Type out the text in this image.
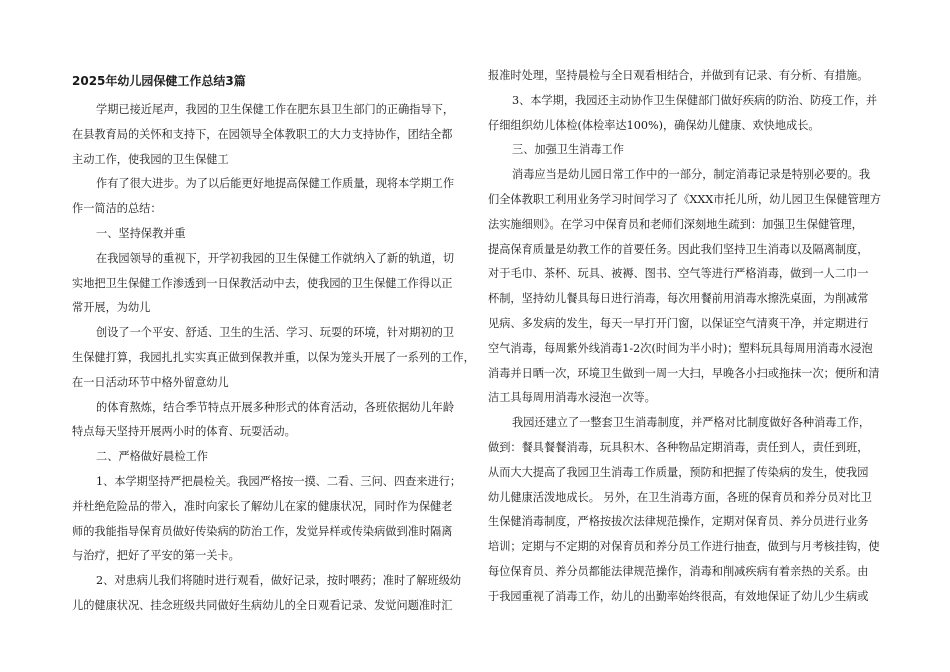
2025年幼儿园保健工作总结3篇
学期已接近尾声，我园的卫生保健工作在肥东县卫生部门的正确指导下，
在县教育局的关怀和支持下，在园领导全体教职工的大力支持协作，团结全都
主动工作，使我园的卫生保健工
作有了很大进步。为了以后能更好地提高保健工作质量，现将本学期工作
作一简洁的总结：
一、坚持保教并重
在我园领导的重视下，开学初我园的卫生保健工作就纳入了新的轨道，切
实地把卫生保健工作渗透到一日保教活动中去，使我园的卫生保健工作得以正
常开展，为幼儿
创设了一个平安、舒适、卫生的生活、学习、玩耍的环境，针对期初的卫
生保健打算，我园扎扎实实真正做到保教并重，以保为笼头开展了一系列的工作，
在一日活动环节中格外留意幼儿
的体育熬炼，结合季节特点开展多种形式的体育活动，各班依据幼儿年龄
特点每天坚持开展两小时的体育、玩耍活动。
二、严格做好晨检工作
1、本学期坚持严把晨检关。我园严格按一摸、二看、三问、四查来进行；
并杜绝危险品的带入，准时向家长了解幼儿在家的健康状况，同时作为保健老
师的我能指导保育员做好传染病的防治工作，发觉异样或传染病做到准时隔离
与治疗，把好了平安的第一关卡。
2、对患病儿我们将随时进行观看，做好记录，按时喂药；准时了解班级幼
儿的健康状况、挂念班级共同做好生病幼儿的全日观看记录、发觉问题准时汇
报准时处理，坚持晨检与全日观看相结合，并做到有记录、有分析、有措施。
3、本学期，我园还主动协作卫生保健部门做好疾病的防治、防疫工作，并
仔细组织幼儿体检(体检率达100%)，确保幼儿健康、欢快地成长。
三、加强卫生消毒工作
消毒应当是幼儿园日常工作中的一部分，制定消毒记录是特别必要的。我
们全体教职工利用业务学习时间学习了《XXX市托儿所，幼儿园卫生保健管理方
法实施细则》。在学习中保育员和老师们深刻地生疏到：加强卫生保健管理，
提高保育质量是幼教工作的首要任务。因此我们坚持卫生消毒以及隔离制度，
对于毛巾、茶杯、玩具、被褥、图书、空气等进行严格消毒，做到一人二巾一
杯制，坚持幼儿餐具每日进行消毒，每次用餐前用消毒水擦洗桌面，为削减常
见病、多发病的发生，每天一早打开门窗，以保证空气清爽干净，并定期进行
空气消毒，每周紫外线消毒1-2次(时间为半小时)；塑料玩具每周用消毒水浸泡
消毒并日晒一次，环境卫生做到一周一大扫，早晚各小扫或拖抹一次；便所和清
洁工具每周用消毒水浸泡一次等。
我园还建立了一整套卫生消毒制度，并严格对比制度做好各种消毒工作，
做到：餐具餐餐消毒，玩具积木、各种物品定期消毒，责任到人，责任到班，
从而大大提高了我园卫生消毒工作质量，预防和把握了传染病的发生，使我园
幼儿健康活泼地成长。 另外，在卫生消毒方面，各班的保育员和养分员对比卫
生保健消毒制度，严格按拔次法律规范操作，定期对保育员、养分员进行业务
培训；定期与不定期的对保育员和养分员工作进行抽查，做到与月考核挂钩，使
每位保育员、养分员都能法律规范操作，消毒和削减疾病有着亲热的关系。由
于我园重视了消毒工作，幼儿的出勤率始终很高，有效地保证了幼儿少生病或
